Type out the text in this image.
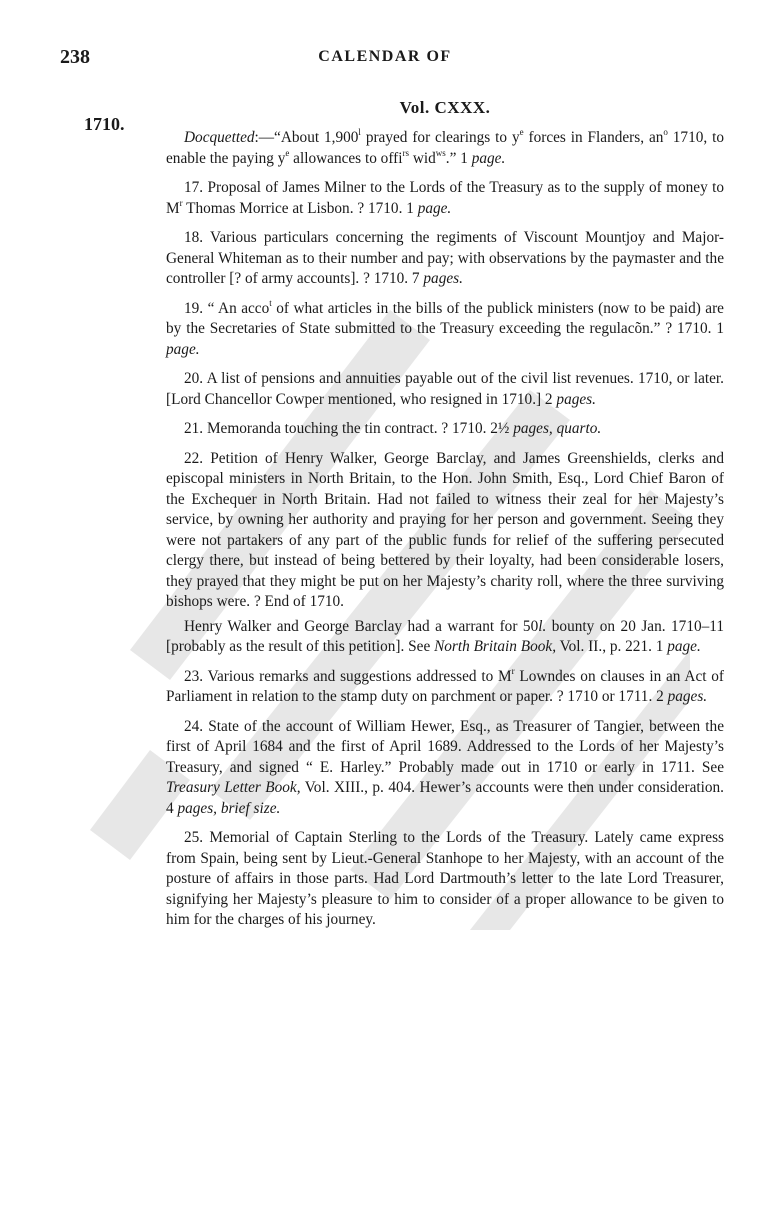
238	CALENDAR OF
1710.
Vol. CXXX.

Docquetted:—“About 1,900$^l$ prayed for clearings to $y^e$ forces in Flanders, $an^o$ 1710, to enable the paying $y^e$ allowances to offi$^{rs}$ wid$^{ws}$.” 1 page.

17. Proposal of James Milner to the Lords of the Treasury as to the supply of money to $M^r$ Thomas Morrice at Lisbon. ? 1710. 1 page.

18. Various particulars concerning the regiments of Viscount Mountjoy and Major-General Whiteman as to their number and pay; with observations by the paymaster and the controller [? of army accounts]. ? 1710. 7 pages.

19. “ An acco$^t$ of what articles in the bills of the publick ministers (now to be paid) are by the Secretaries of State submitted to the Treasury exceeding the regulacõn.” ? 1710. 1 page.

20. A list of pensions and annuities payable out of the civil list revenues. 1710, or later. [Lord Chancellor Cowper mentioned, who resigned in 1710.] 2 pages.

21. Memoranda touching the tin contract. ? 1710. 2½ pages, quarto.

22. Petition of Henry Walker, George Barclay, and James Greenshields, clerks and episcopal ministers in North Britain, to the Hon. John Smith, Esq., Lord Chief Baron of the Exchequer in North Britain. Had not failed to witness their zeal for her Majesty’s service, by owning her authority and praying for her person and government. Seeing they were not partakers of any part of the public funds for relief of the suffering persecuted clergy there, but instead of being bettered by their loyalty, had been considerable losers, they prayed that they might be put on her Majesty’s charity roll, where the three surviving bishops were. ? End of 1710.

Henry Walker and George Barclay had a warrant for 50l. bounty on 20 Jan. 1710–11 [probably as the result of this petition]. See North Britain Book, Vol. II., p. 221. 1 page.

23. Various remarks and suggestions addressed to $M^r$ Lowndes on clauses in an Act of Parliament in relation to the stamp duty on parchment or paper. ? 1710 or 1711. 2 pages.

24. State of the account of William Hewer, Esq., as Treasurer of Tangier, between the first of April 1684 and the first of April 1689. Addressed to the Lords of her Majesty’s Treasury, and signed “ E. Harley.” Probably made out in 1710 or early in 1711. See Treasury Letter Book, Vol. XIII., p. 404. Hewer’s accounts were then under consideration. 4 pages, brief size.

25. Memorial of Captain Sterling to the Lords of the Treasury. Lately came express from Spain, being sent by Lieut.-General Stanhope to her Majesty, with an account of the posture of affairs in those parts. Had Lord Dartmouth’s letter to the late Lord Treasurer, signifying her Majesty’s pleasure to him to consider of a proper allowance to be given to him for the charges of his journey.
